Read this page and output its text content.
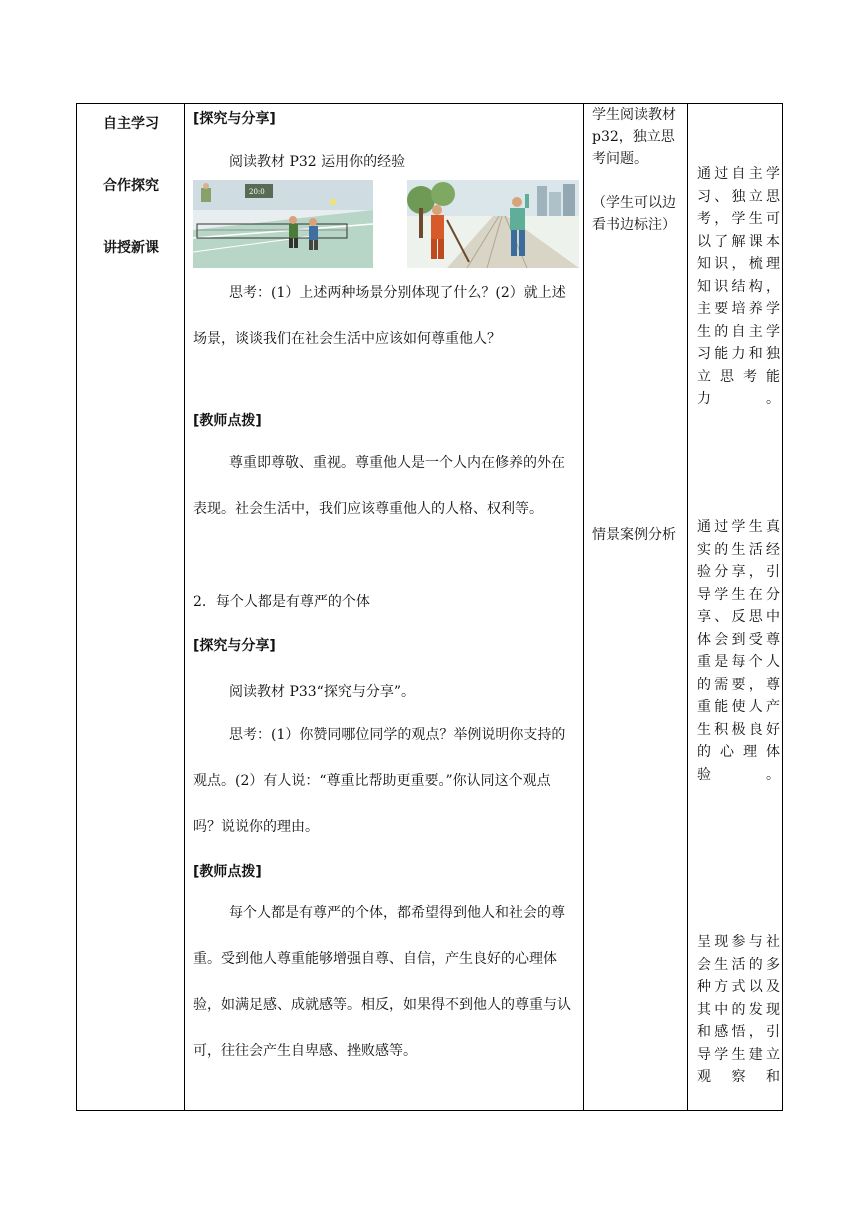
自主学习
合作探究
讲授新课
[探究与分享]
阅读教材 P32 运用你的经验
20:0
思考：(1）上述两种场景分别体现了什么？(2）就上述场景，谈谈我们在社会生活中应该如何尊重他人？
[教师点拨]
尊重即尊敬、重视。尊重他人是一个人内在修养的外在表现。社会生活中，我们应该尊重他人的人格、权利等。
2．每个人都是有尊严的个体
[探究与分享]
阅读教材 P33“探究与分享”。
思考：(1）你赞同哪位同学的观点？举例说明你支持的观点。(2）有人说：“尊重比帮助更重要。”你认同这个观点吗？说说你的理由。
[教师点拨]
每个人都是有尊严的个体，都希望得到他人和社会的尊重。受到他人尊重能够增强自尊、自信，产生良好的心理体验，如满足感、成就感等。相反，如果得不到他人的尊重与认可，往往会产生自卑感、挫败感等。
学生阅读教材 p32，独立思考问题。
（学生可以边看书边标注）
情景案例分析
通过自主学习、独立思考，学生可以了解课本知识，梳理知识结构，主要培养学生的自主学习能力和独立思考能力。
通过学生真实的生活经验分享，引导学生在分享、反思中体会到受尊重是每个人的需要，尊重能使人产生积极良好的心理体验。
呈现参与社会生活的多种方式以及其中的发现和感悟，引导学生建立观察和
